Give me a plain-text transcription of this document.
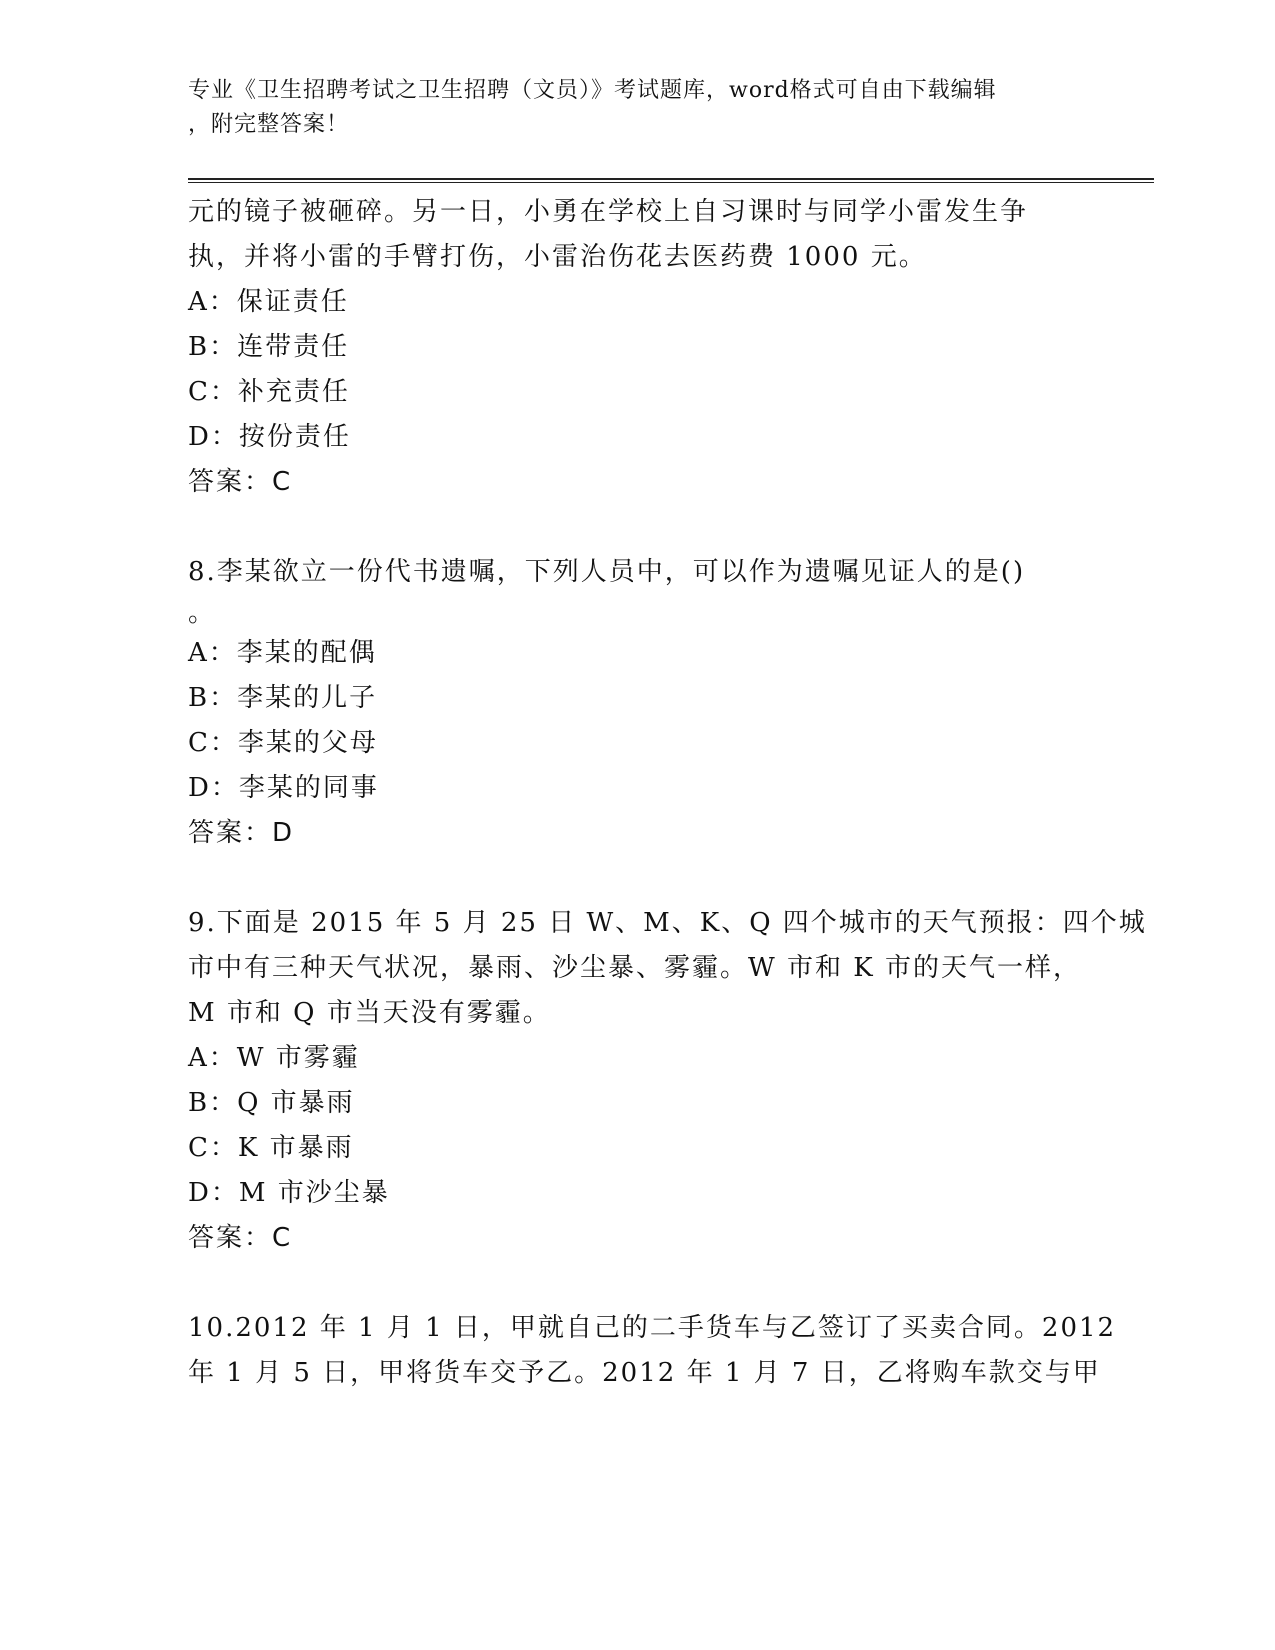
专业《卫生招聘考试之卫生招聘（文员）》考试题库，word格式可自由下载编辑
，附完整答案！
元的镜子被砸碎。另一日，小勇在学校上自习课时与同学小雷发生争
执，并将小雷的手臂打伤，小雷治伤花去医药费 1000 元。
A：保证责任
B：连带责任
C：补充责任
D：按份责任
答案：C
8.李某欲立一份代书遗嘱，下列人员中，可以作为遗嘱见证人的是()
。
A：李某的配偶
B：李某的儿子
C：李某的父母
D：李某的同事
答案：D
9.下面是 2015 年 5 月 25 日 W、M、K、Q 四个城市的天气预报：四个城
市中有三种天气状况，暴雨、沙尘暴、雾霾。W 市和 K 市的天气一样，
M 市和 Q 市当天没有雾霾。
A：W 市雾霾
B：Q 市暴雨
C：K 市暴雨
D：M 市沙尘暴
答案：C
10.2012 年 1 月 1 日，甲就自己的二手货车与乙签订了买卖合同。2012
年 1 月 5 日，甲将货车交予乙。2012 年 1 月 7 日，乙将购车款交与甲
